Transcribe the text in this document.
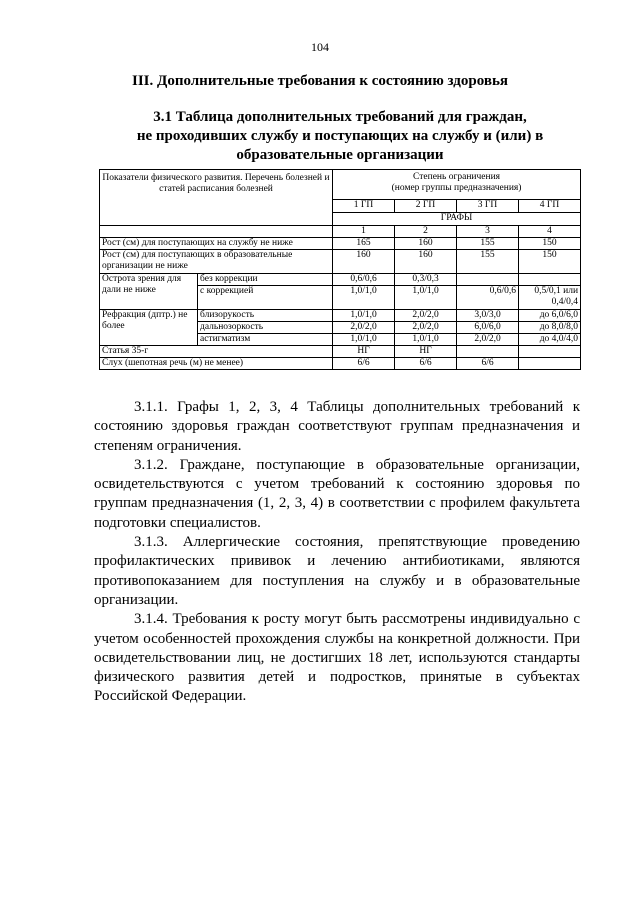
104
III. Дополнительные требования к состоянию здоровья
3.1 Таблица дополнительных требований для граждан,
не проходивших службу и поступающих на службу и (или) в
образовательные организации
Показатели физического развития. Перечень болезней и статей расписания болезней		Степень ограничения
(номер группы предназначения)			

		1 ГП	2 ГП	3 ГП	4 ГП
		ГРАФЫ			
		1	2	3	4
Рост (см) для поступающих на службу не ниже		165	160	155	150
Рост (см) для поступающих в образовательные организации не ниже		160	160	155	150
Острота зрения для дали не ниже	без коррекции	0,6/0,6	0,3/0,3		
	с коррекцией	1,0/1,0	1,0/1,0	0,6/0,6	0,5/0,1 или 0,4/0,4
Рефракция (дптр.) не более	близорукость	1,0/1,0	2,0/2,0	3,0/3,0	до 6,0/6,0
	дальнозоркость	2,0/2,0	2,0/2,0	6,0/6,0	до 8,0/8,0
	астигматизм	1,0/1,0	1,0/1,0	2,0/2,0	до 4,0/4,0
Статья 35-г		НГ	НГ		
Слух (шепотная речь (м) не менее)		6/6	6/6	6/6	

3.1.1. Графы 1, 2, 3, 4 Таблицы дополнительных требований к состоянию здоровья граждан соответствуют группам предназначения и степеням ограничения.

3.1.2. Граждане, поступающие в образовательные организации, освидетельствуются с учетом требований к состоянию здоровья по группам предназначения (1, 2, 3, 4) в соответствии с профилем факультета подготовки специалистов.

3.1.3. Аллергические состояния, препятствующие проведению профилактических прививок и лечению антибиотиками, являются противопоказанием для поступления на службу и в образовательные организации.

3.1.4. Требования к росту могут быть рассмотрены индивидуально с учетом особенностей прохождения службы на конкретной должности. При освидетельствовании лиц, не достигших 18 лет, используются стандарты физического развития детей и подростков, принятые в субъектах Российской Федерации.
